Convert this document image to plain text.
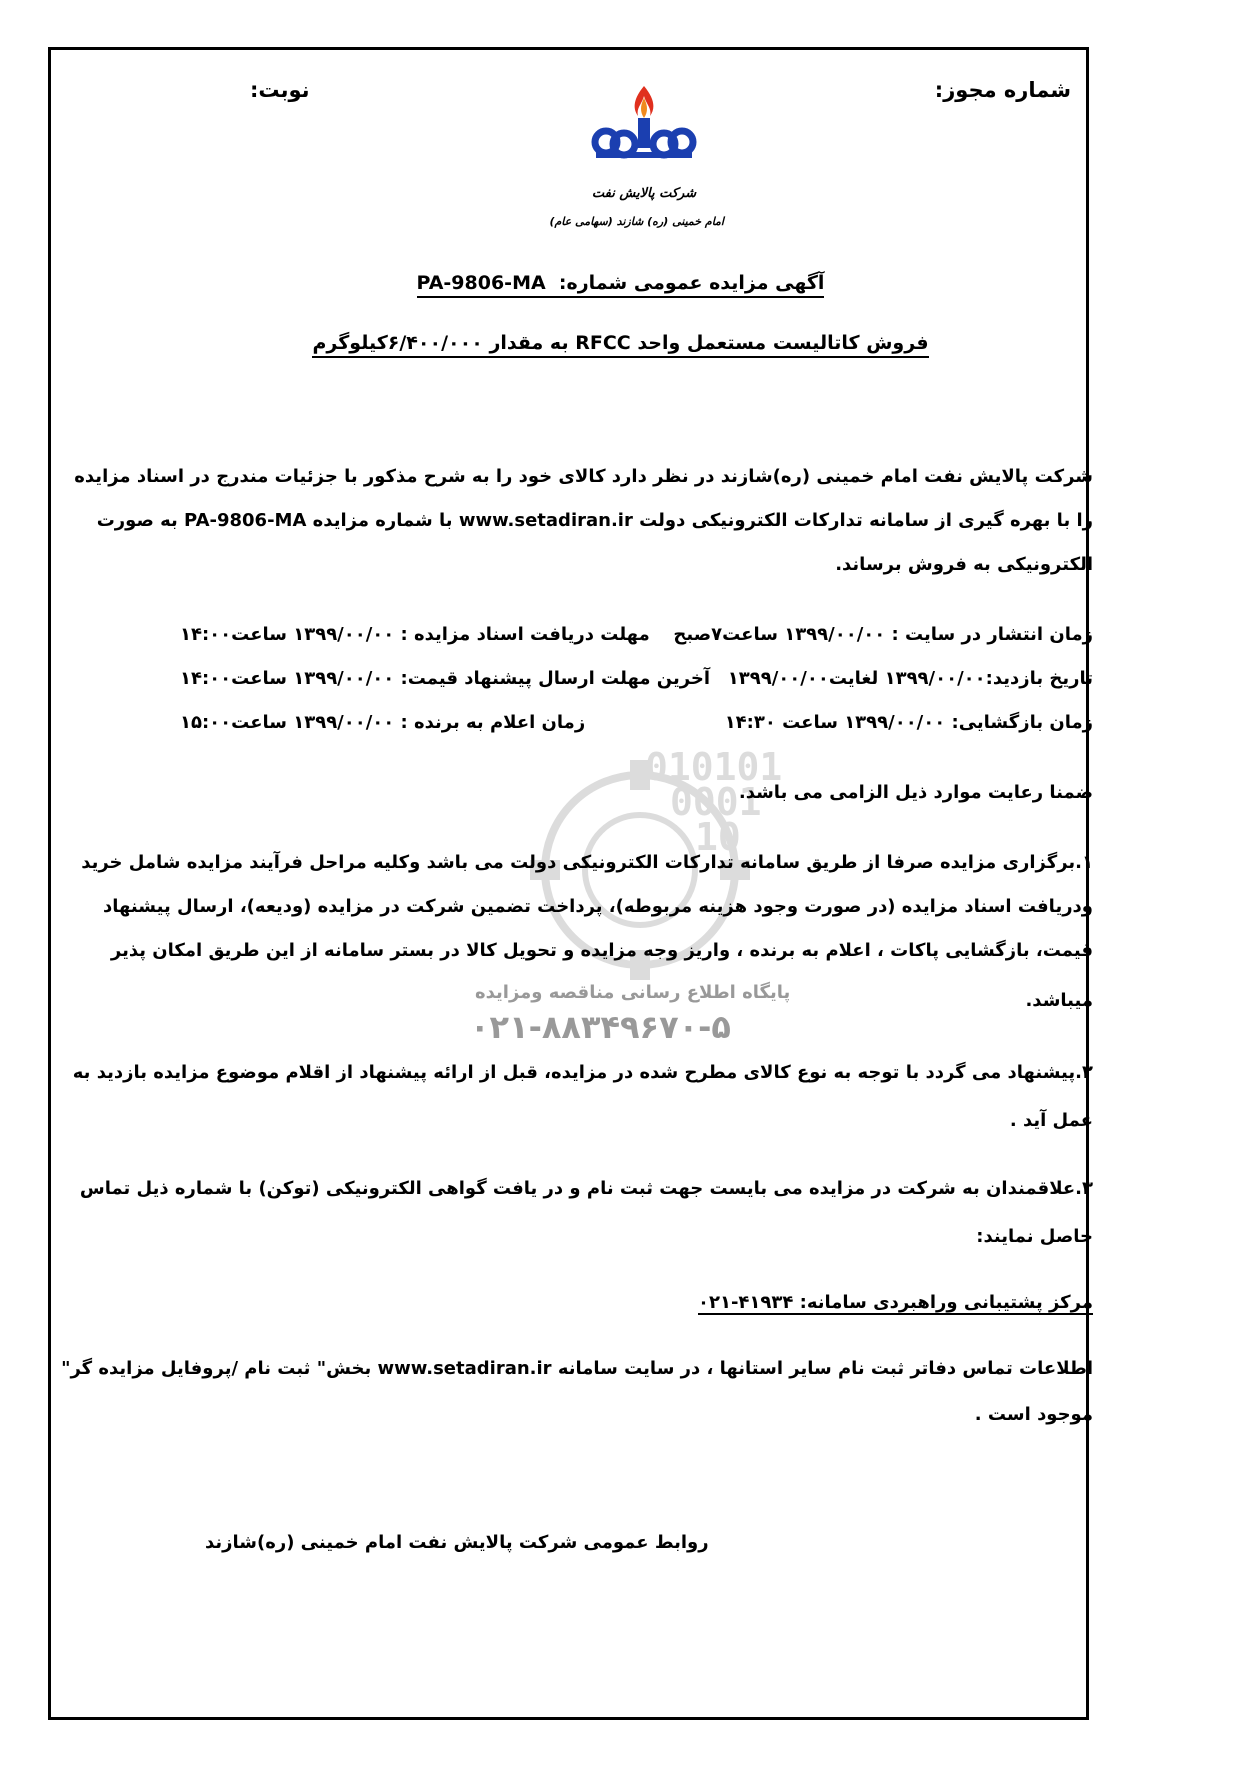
شماره مجوز:
نوبت:
شرکت پالایش نفت
امام خمینی (ره) شازند (سهامی عام)
010101
0001
10
پایگاه اطلاع رسانی مناقصه ومزایده
۰۲۱-۸۸۳۴۹۶۷۰-۵
آگهی مزایده عمومی شماره:  PA-9806-MA
فروش کاتالیست مستعمل واحد RFCC به مقدار ۶/۴۰۰/۰۰۰کیلوگرم
شرکت پالایش نفت امام خمینی (ره)شازند در نظر دارد کالای خود را به شرح مذکور با جزئیات مندرج در اسناد مزایده
را با بهره گیری از سامانه تدارکات الکترونیکی دولت www.setadiran.ir با شماره مزایده PA-9806-MA به صورت
الکترونیکی به فروش برساند.
زمان انتشار در سایت : ۱۳۹۹/۰۰/۰۰ ساعت۷صبح
مهلت دریافت اسناد مزایده : ۱۳۹۹/۰۰/۰۰ ساعت۱۴:۰۰
تاریخ بازدید:۱۳۹۹/۰۰/۰۰ لغایت۱۳۹۹/۰۰/۰۰
آخرین مهلت ارسال پیشنهاد قیمت: ۱۳۹۹/۰۰/۰۰ ساعت۱۴:۰۰
زمان بازگشایی: ۱۳۹۹/۰۰/۰۰ ساعت ۱۴:۳۰
زمان اعلام به برنده : ۱۳۹۹/۰۰/۰۰ ساعت۱۵:۰۰
ضمنا رعایت موارد ذیل الزامی می باشد.
۱.برگزاری مزایده صرفا از طریق سامانه تدارکات الکترونیکی دولت می باشد وکلیه مراحل فرآیند مزایده شامل خرید
ودریافت اسناد مزایده (در صورت وجود هزینه مربوطه)، پرداخت تضمین شرکت در مزایده (ودیعه)، ارسال پیشنهاد
قیمت، بازگشایی پاکات ، اعلام به برنده ، واریز وجه مزایده و تحویل کالا در بستر سامانه از این طریق امکان پذیر
میباشد.
۲.پیشنهاد می گردد با توجه به نوع کالای مطرح شده در مزایده، قبل از ارائه پیشنهاد از اقلام موضوع مزایده بازدید به
عمل آید .
۳.علاقمندان به شرکت در مزایده می بایست جهت ثبت نام و در یافت گواهی الکترونیکی (توکن) با شماره ذیل تماس
حاصل نمایند:
مرکز پشتیبانی وراهبردی سامانه: ۴۱۹۳۴-۰۲۱
اطلاعات تماس دفاتر ثبت نام سایر استانها ، در سایت سامانه www.setadiran.ir بخش" ثبت نام /پروفایل مزایده گر"
موجود است .
روابط عمومی شرکت پالایش نفت امام خمینی (ره)شازند
